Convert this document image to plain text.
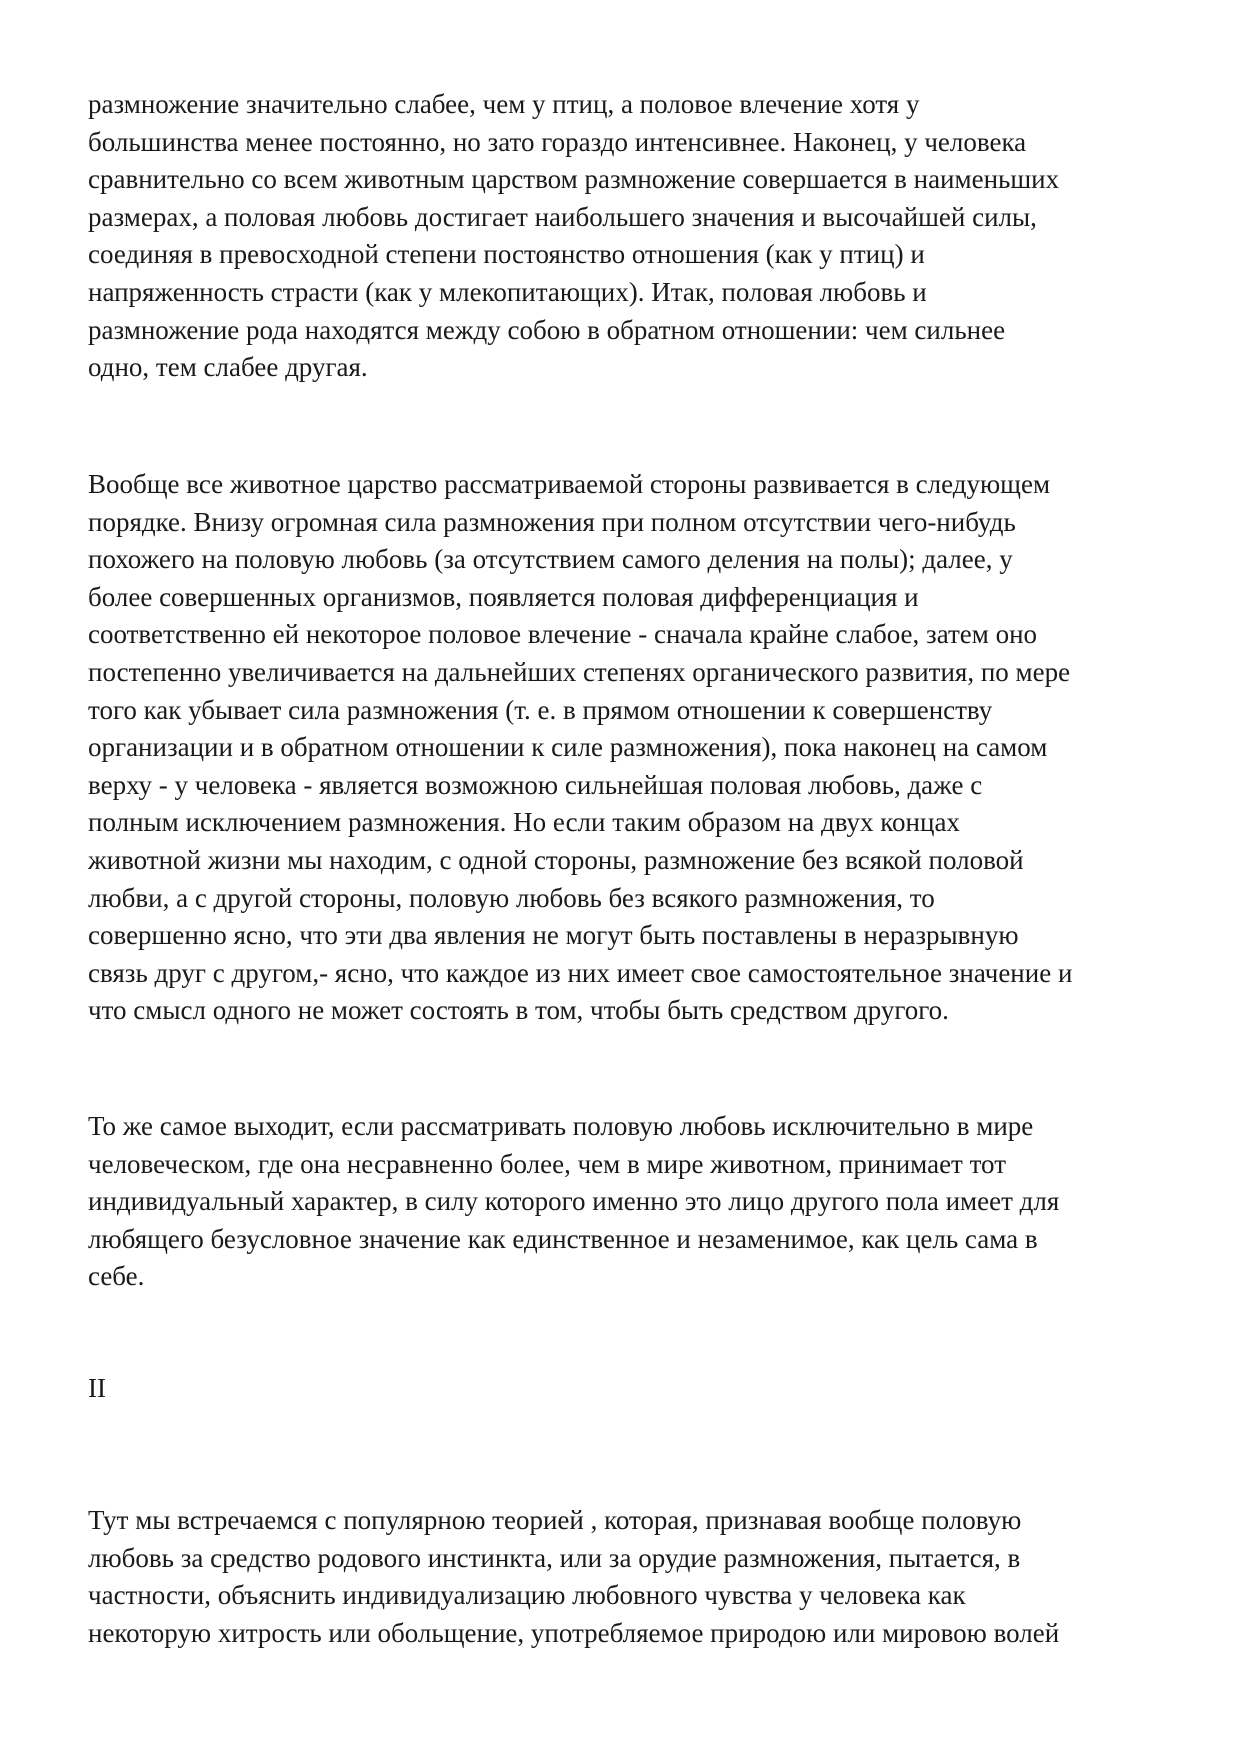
размножение значительно слабее, чем у птиц, а половое влечение хотя у
большинства менее постоянно, но зато гораздо интенсивнее. Наконец, у человека
сравнительно со всем животным царством размножение совершается в наименьших
размерах, а половая любовь достигает наибольшего значения и высочайшей силы,
соединяя в превосходной степени постоянство отношения (как у птиц) и
напряженность страсти (как у млекопитающих). Итак, половая любовь и
размножение рода находятся между собою в обратном отношении: чем сильнее
одно, тем слабее другая.
Вообще все животное царство рассматриваемой стороны развивается в следующем
порядке. Внизу огромная сила размножения при полном отсутствии чего-нибудь
похожего на половую любовь (за отсутствием самого деления на полы); далее, у
более совершенных организмов, появляется половая дифференциация и
соответственно ей некоторое половое влечение - сначала крайне слабое, затем оно
постепенно увеличивается на дальнейших степенях органического развития, по мере
того как убывает сила размножения (т. е. в прямом отношении к совершенству
организации и в обратном отношении к силе размножения), пока наконец на самом
верху - у человека - является возможною сильнейшая половая любовь, даже с
полным исключением размножения. Но если таким образом на двух концах
животной жизни мы находим, с одной стороны, размножение без всякой половой
любви, а с другой стороны, половую любовь без всякого размножения, то
совершенно ясно, что эти два явления не могут быть поставлены в неразрывную
связь друг с другом,- ясно, что каждое из них имеет свое самостоятельное значение и
что смысл одного не может состоять в том, чтобы быть средством другого.
То же самое выходит, если рассматривать половую любовь исключительно в мире
человеческом, где она несравненно более, чем в мире животном, принимает тот
индивидуальный характер, в силу которого именно это лицо другого пола имеет для
любящего безусловное значение как единственное и незаменимое, как цель сама в
себе.
II
Тут мы встречаемся с популярною теорией , которая, признавая вообще половую
любовь за средство родового инстинкта, или за орудие размножения, пытается, в
частности, объяснить индивидуализацию любовного чувства у человека как
некоторую хитрость или обольщение, употребляемое природою или мировою волей
